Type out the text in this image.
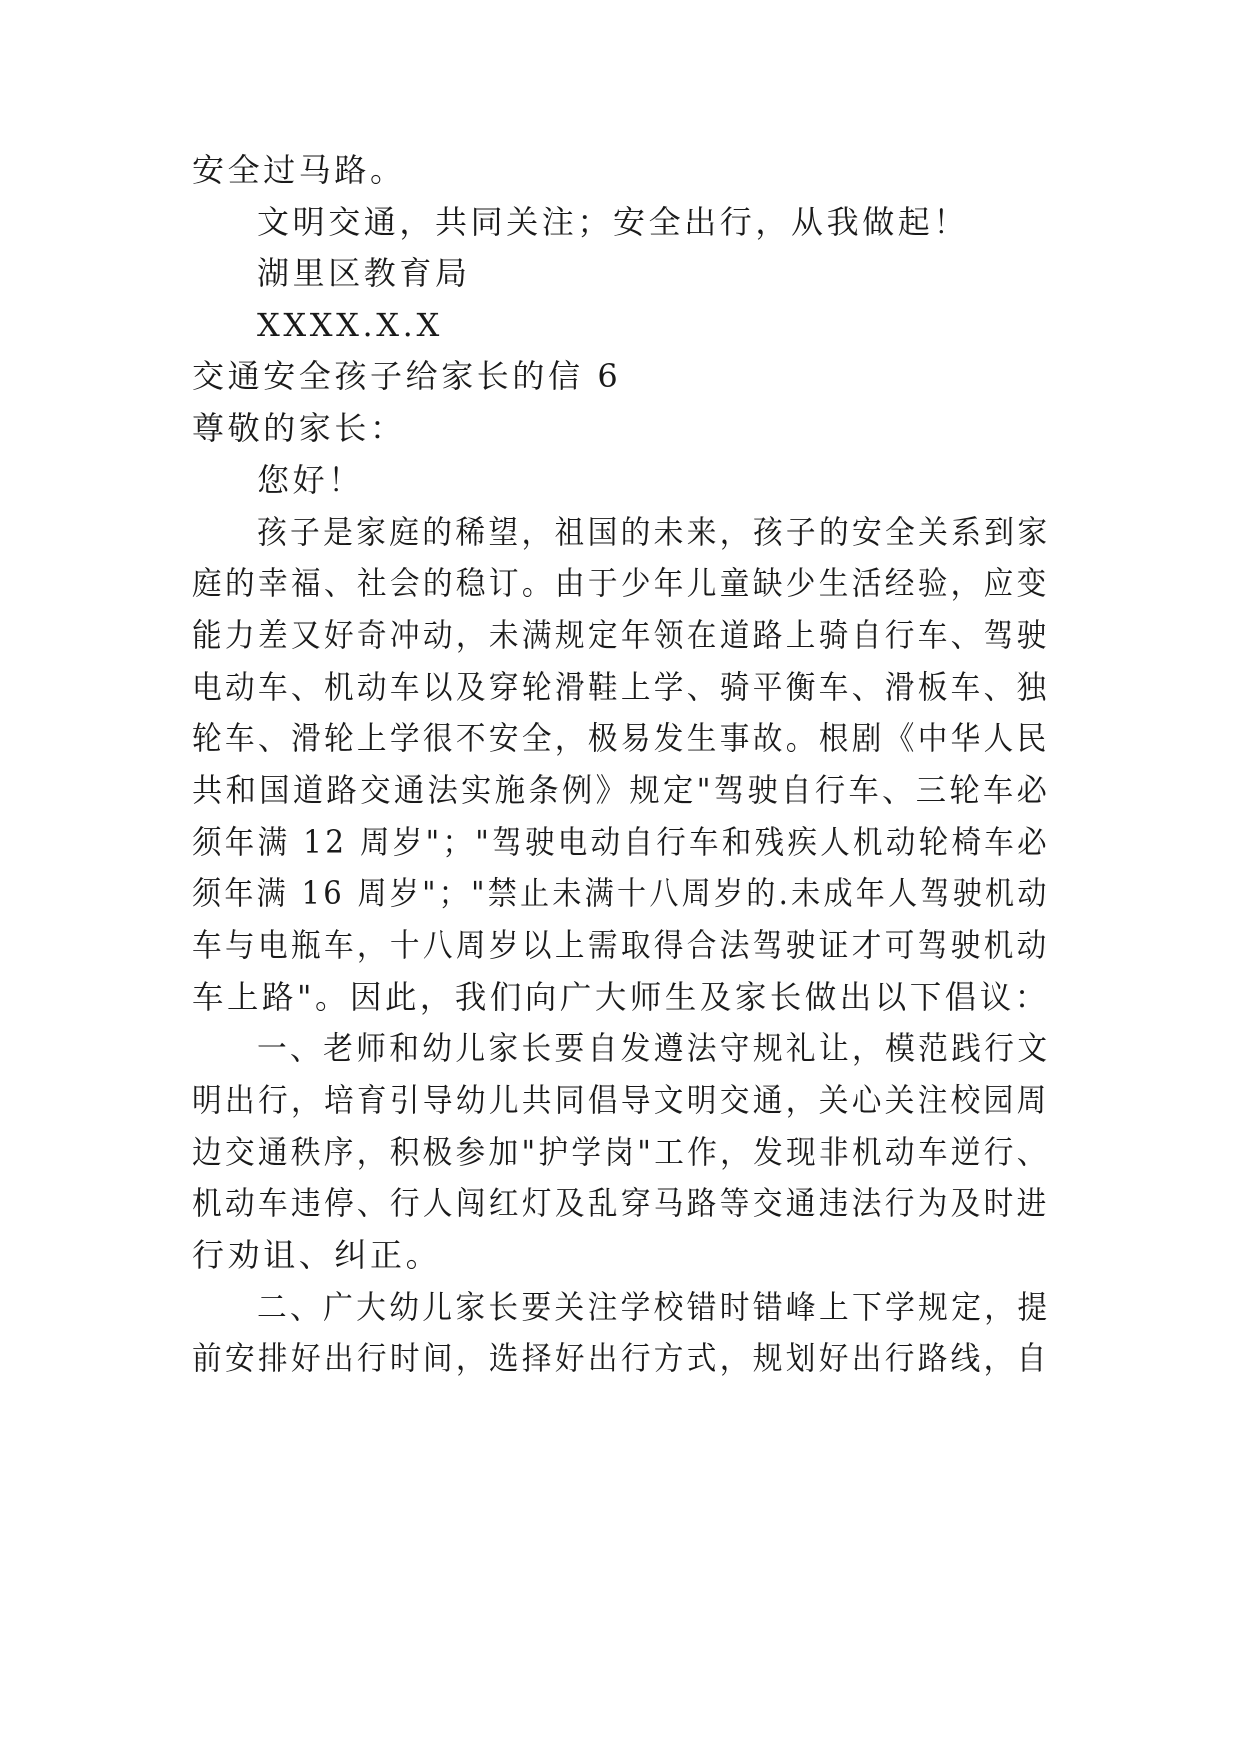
安全过马路。
文明交通，共同关注；安全出行，从我做起！
湖里区教育局
XXXX.X.X
交通安全孩子给家长的信 6
尊敬的家长：
您好！
孩子是家庭的稀望，祖国的未来，孩子的安全关系到家
庭的幸福、社会的稳订。由于少年儿童缺少生活经验，应变
能力差又好奇冲动，未满规定年领在道路上骑自行车、驾驶
电动车、机动车以及穿轮滑鞋上学、骑平衡车、滑板车、独
轮车、滑轮上学很不安全，极易发生事故。根剧《中华人民
共和国道路交通法实施条例》规定"驾驶自行车、三轮车必
须年满 12 周岁"；"驾驶电动自行车和残疾人机动轮椅车必
须年满 16 周岁"；"禁止未满十八周岁的.未成年人驾驶机动
车与电瓶车，十八周岁以上需取得合法驾驶证才可驾驶机动
车上路"。因此，我们向广大师生及家长做出以下倡议：
一、老师和幼儿家长要自发遵法守规礼让，模范践行文
明出行，培育引导幼儿共同倡导文明交通，关心关注校园周
边交通秩序，积极参加"护学岗"工作，发现非机动车逆行、
机动车违停、行人闯红灯及乱穿马路等交通违法行为及时进
行劝诅、纠正。
二、广大幼儿家长要关注学校错时错峰上下学规定，提
前安排好出行时间，选择好出行方式，规划好出行路线，自
